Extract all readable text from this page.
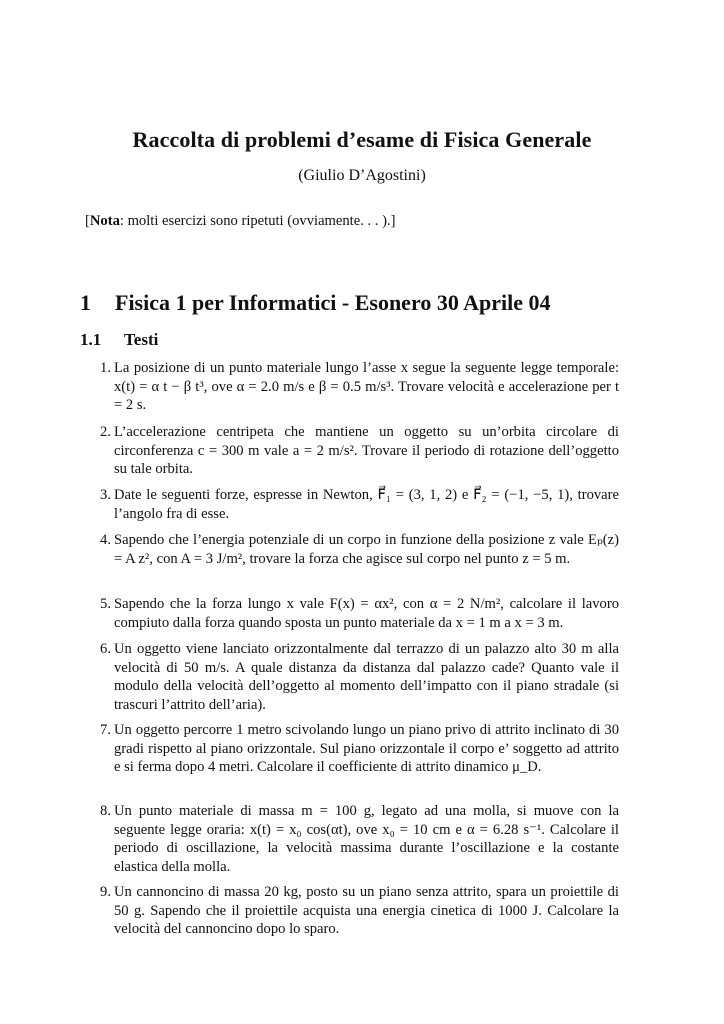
Raccolta di problemi d’esame di Fisica Generale
(Giulio D’Agostini)
[Nota: molti esercizi sono ripetuti (ovviamente. . . ).]
1 Fisica 1 per Informatici - Esonero 30 Aprile 04
1.1 Testi
1. La posizione di un punto materiale lungo l’asse x segue la seguente legge temporale: x(t) = α t − β t³, ove α = 2.0 m/s e β = 0.5 m/s³. Trovare velocità e accelerazione per t = 2 s.
2. L’accelerazione centripeta che mantiene un oggetto su un’orbita circolare di circonferenza c = 300 m vale a = 2 m/s². Trovare il periodo di rotazione dell’oggetto su tale orbita.
3. Date le seguenti forze, espresse in Newton, F⃗₁ = (3, 1, 2) e F⃗₂ = (−1, −5, 1), trovare l’angolo fra di esse.
4. Sapendo che l’energia potenziale di un corpo in funzione della posizione z vale Eₚ(z) = A z², con A = 3 J/m², trovare la forza che agisce sul corpo nel punto z = 5 m.
5. Sapendo che la forza lungo x vale F(x) = αx², con α = 2 N/m², calcolare il lavoro compiuto dalla forza quando sposta un punto materiale da x = 1 m a x = 3 m.
6. Un oggetto viene lanciato orizzontalmente dal terrazzo di un palazzo alto 30 m alla velocità di 50 m/s. A quale distanza da distanza dal palazzo cade? Quanto vale il modulo della velocità dell’oggetto al momento dell’impatto con il piano stradale (si trascuri l’attrito dell’aria).
7. Un oggetto percorre 1 metro scivolando lungo un piano privo di attrito inclinato di 30 gradi rispetto al piano orizzontale. Sul piano orizzontale il corpo e’ soggetto ad attrito e si ferma dopo 4 metri. Calcolare il coefficiente di attrito dinamico μ_D.
8. Un punto materiale di massa m = 100 g, legato ad una molla, si muove con la seguente legge oraria: x(t) = x₀ cos(αt), ove x₀ = 10 cm e α = 6.28 s⁻¹. Calcolare il periodo di oscillazione, la velocità massima durante l’oscillazione e la costante elastica della molla.
9. Un cannoncino di massa 20 kg, posto su un piano senza attrito, spara un proiettile di 50 g. Sapendo che il proiettile acquista una energia cinetica di 1000 J. Calcolare la velocità del cannoncino dopo lo sparo.
